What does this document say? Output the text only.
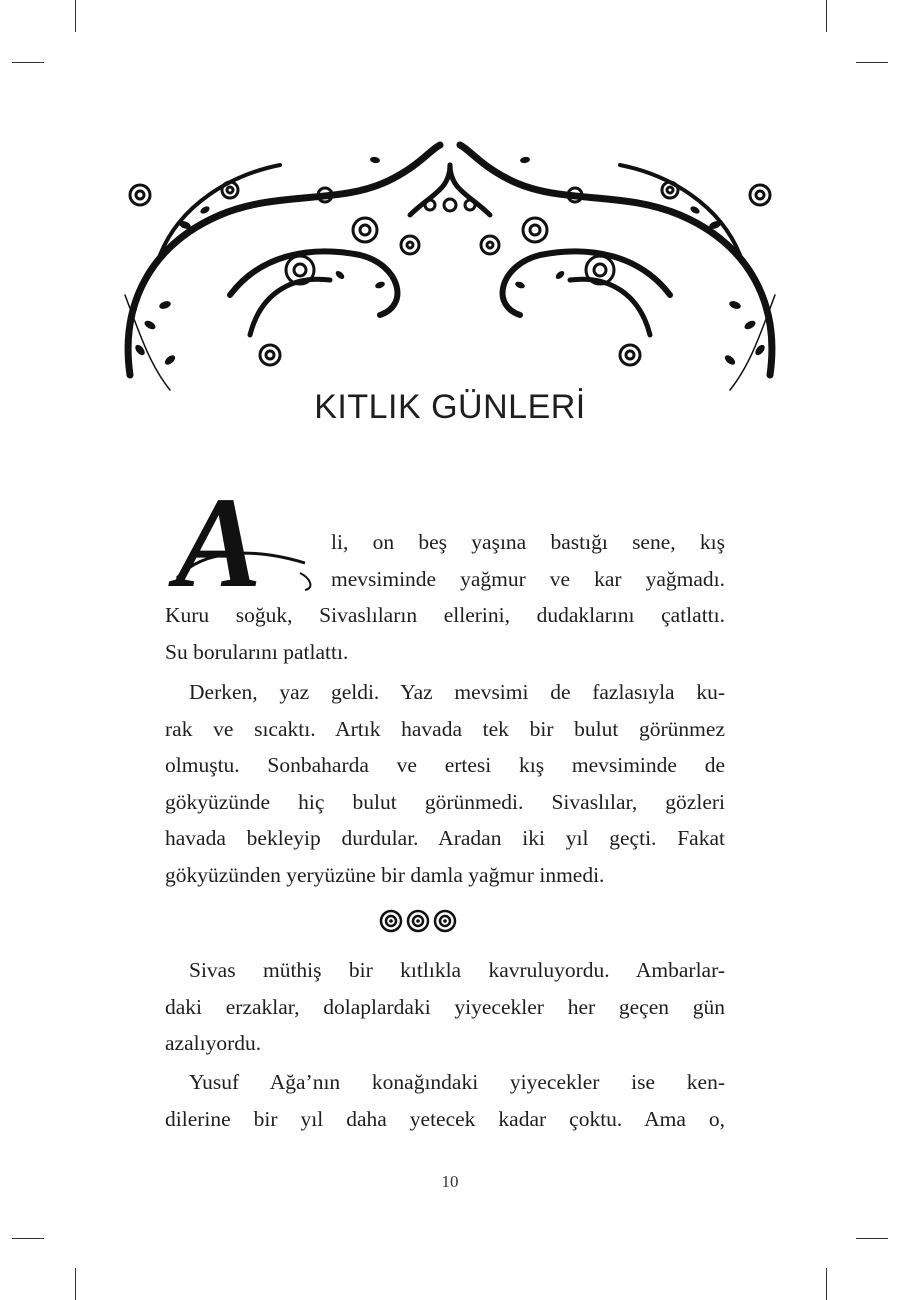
KITLIK GÜNLERİ
A	li, on beş yaşına bastığı sene, kış
mevsiminde yağmur ve kar yağmadı.
Kuru soğuk, Sivaslıların ellerini, dudaklarını çatlattı.
Su borularını patlattı.
Derken, yaz geldi. Yaz mevsimi de fazlasıyla ku-
rak ve sıcaktı. Artık havada tek bir bulut görünmez
olmuştu. Sonbaharda ve ertesi kış mevsiminde de
gökyüzünde hiç bulut görünmedi. Sivaslılar, gözleri
havada bekleyip durdular. Aradan iki yıl geçti. Fakat
gökyüzünden yeryüzüne bir damla yağmur inmedi.
Sivas müthiş bir kıtlıkla kavruluyordu. Ambarlar-
daki erzaklar, dolaplardaki yiyecekler her geçen gün
azalıyordu.
Yusuf Ağa’nın konağındaki yiyecekler ise ken-
dilerine bir yıl daha yetecek kadar çoktu. Ama o,
10
